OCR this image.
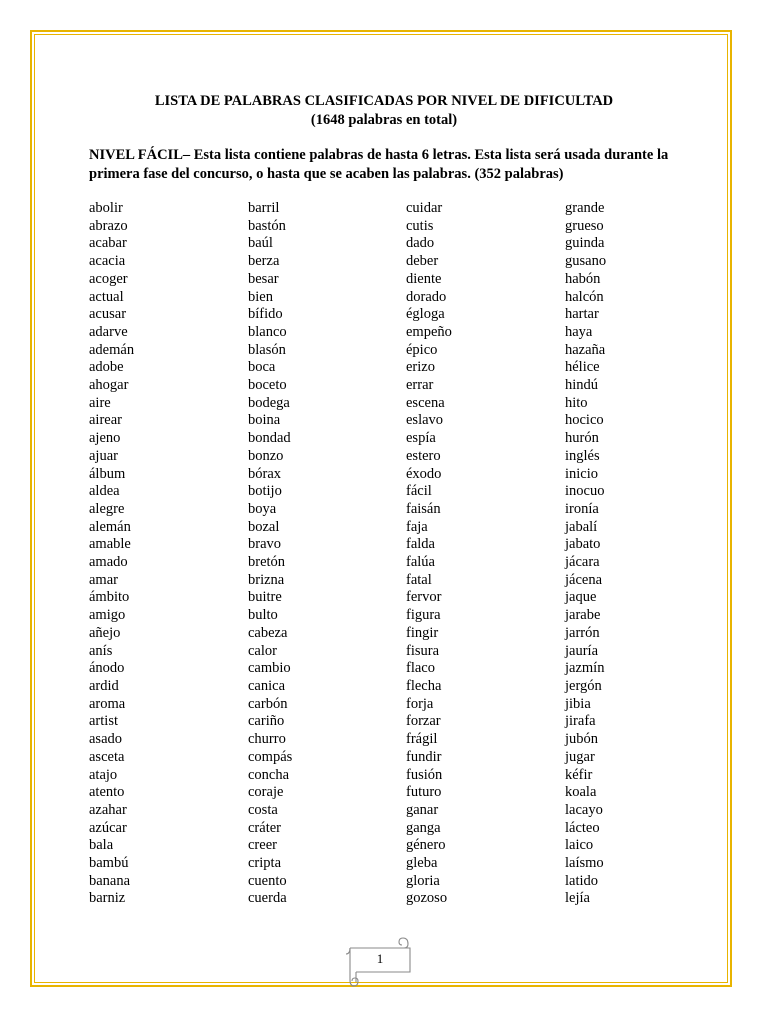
LISTA DE PALABRAS CLASIFICADAS POR NIVEL DE DIFICULTAD
(1648 palabras en total)
NIVEL FÁCIL– Esta lista contiene palabras de hasta 6 letras. Esta lista será usada durante la primera fase del concurso, o hasta que se acaben las palabras. (352 palabras)
abolir
abrazo
acabar
acacia
acoger
actual
acusar
adarve
ademán
adobe
ahogar
aire
airear
ajeno
ajuar
álbum
aldea
alegre
alemán
amable
amado
amar
ámbito
amigo
añejo
anís
ánodo
ardid
aroma
artist
asado
asceta
atajo
atento
azahar
azúcar
bala
bambú
banana
barniz
barril
bastón
baúl
berza
besar
bien
bífido
blanco
blasón
boca
boceto
bodega
boina
bondad
bonzo
bórax
botijo
boya
bozal
bravo
bretón
brizna
buitre
bulto
cabeza
calor
cambio
canica
carbón
cariño
churro
compás
concha
coraje
costa
cráter
creer
cripta
cuento
cuerda
cuidar
cutis
dado
deber
diente
dorado
égloga
empeño
épico
erizo
errar
escena
eslavo
espía
estero
éxodo
fácil
faisán
faja
falda
falúa
fatal
fervor
figura
fingir
fisura
flaco
flecha
forja
forzar
frágil
fundir
fusión
futuro
ganar
ganga
género
gleba
gloria
gozoso
grande
grueso
guinda
gusano
habón
halcón
hartar
haya
hazaña
hélice
hindú
hito
hocico
hurón
inglés
inicio
inocuo
ironía
jabalí
jabato
jácara
jácena
jaque
jarabe
jarrón
jauría
jazmín
jergón
jibia
jirafa
jubón
jugar
kéfir
koala
lacayo
lácteo
laico
laísmo
latido
lejía
1
